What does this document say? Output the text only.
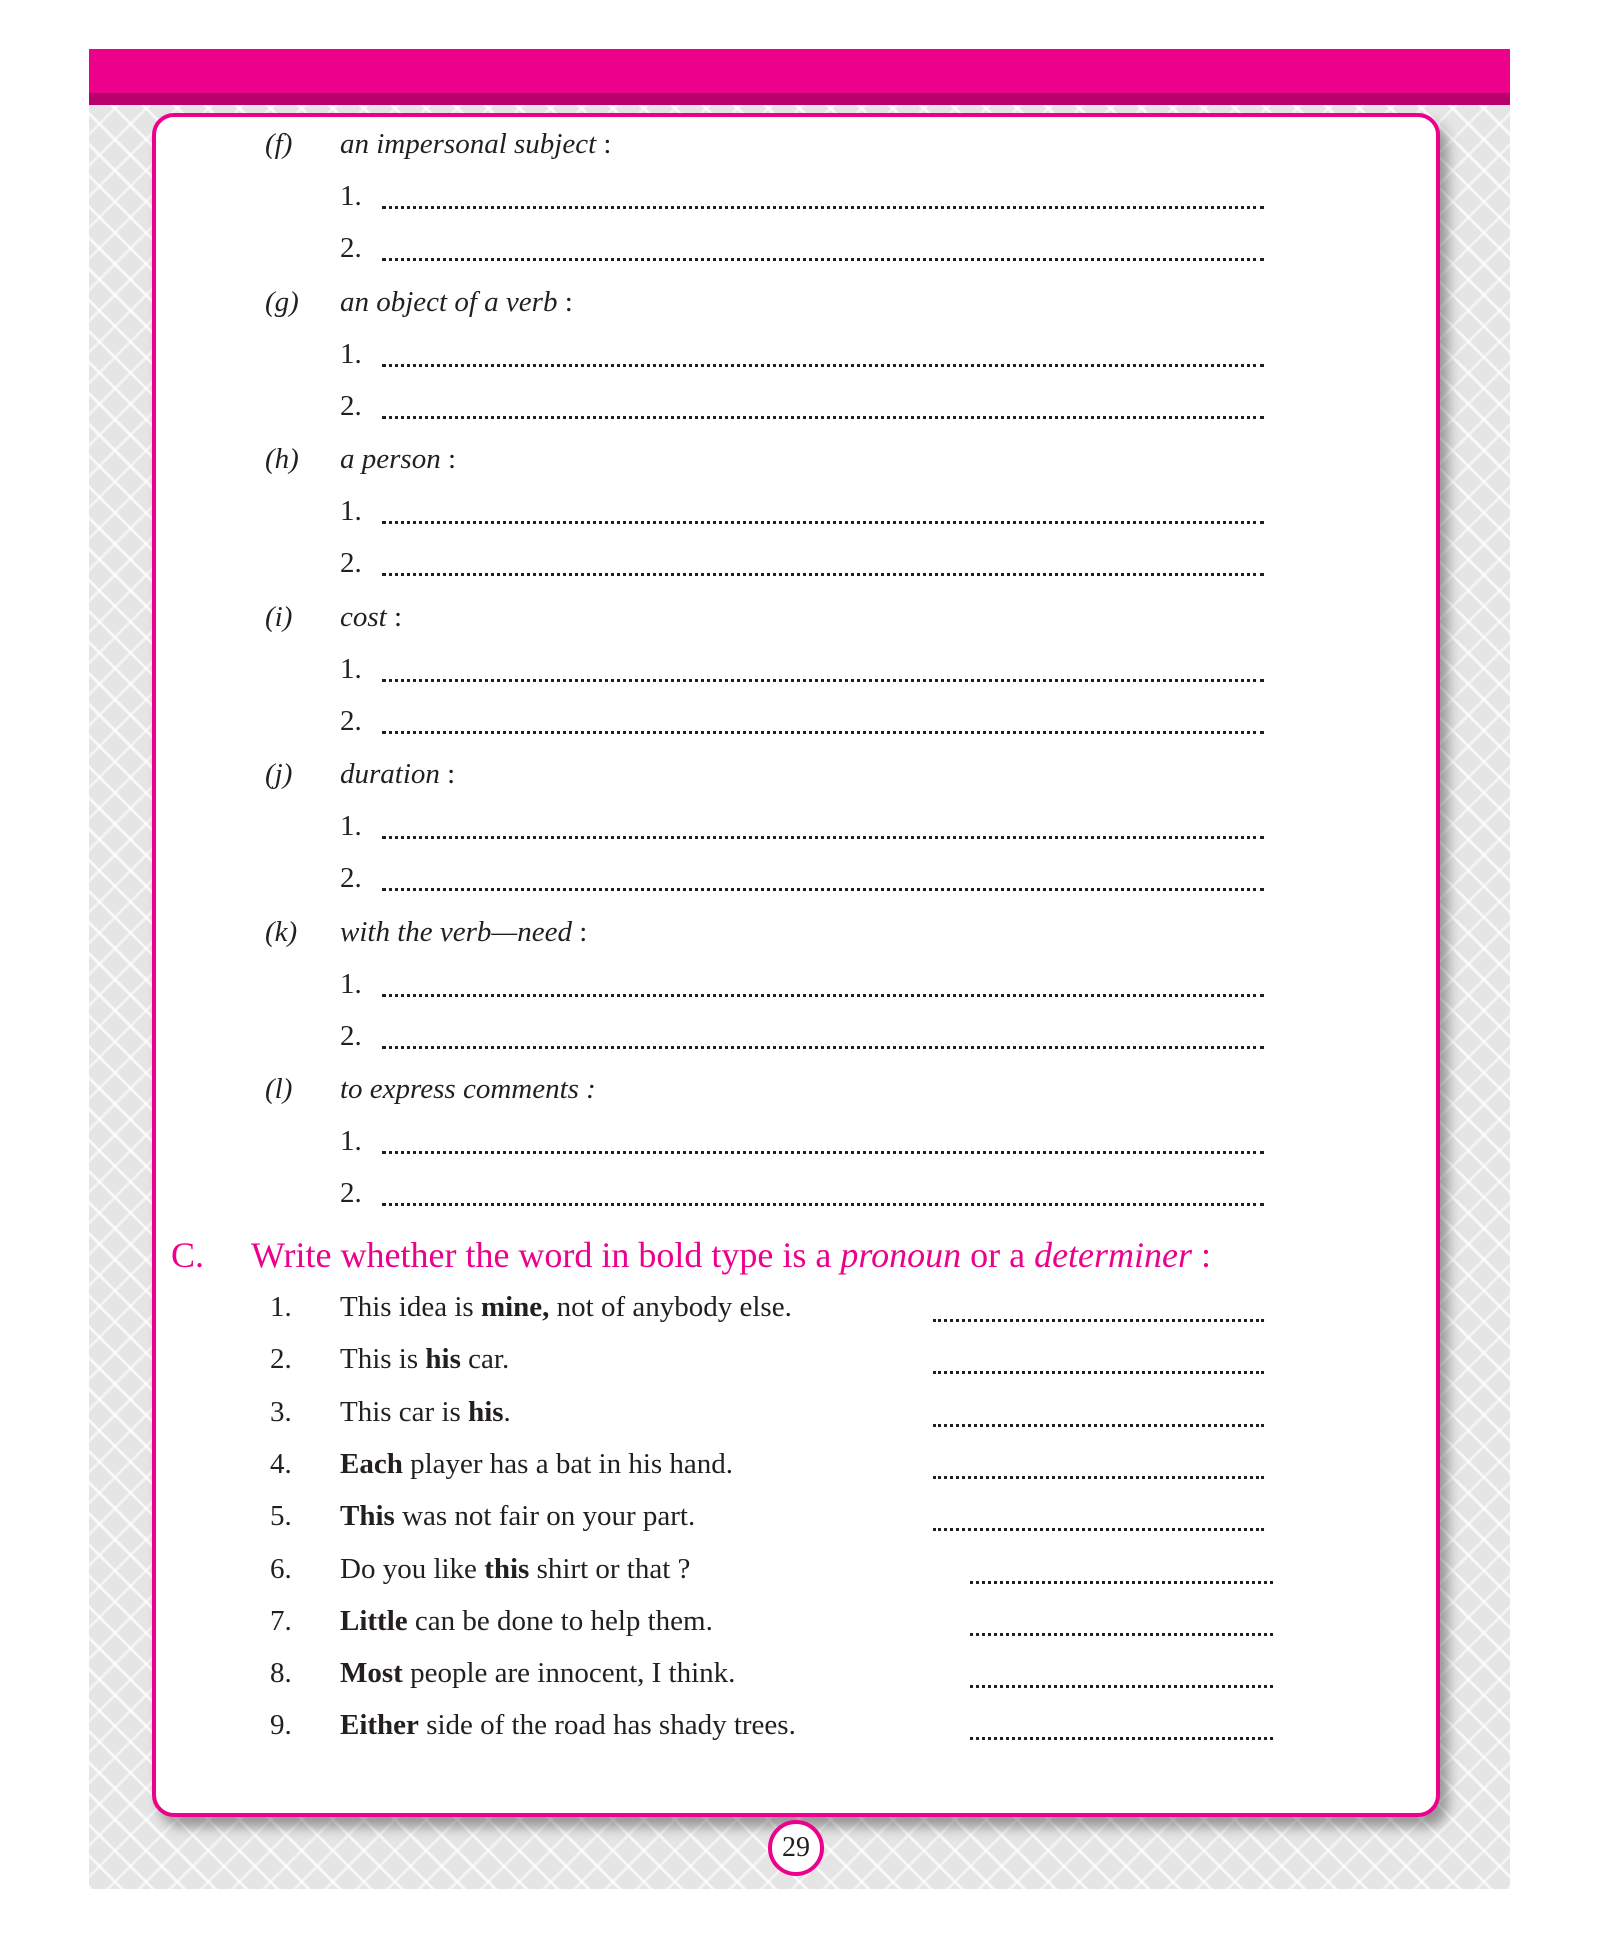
29
(f) an impersonal subject :
1.
2.
(g) an object of a verb :
1.
2.
(h) a person :
1.
2.
(i) cost :
1.
2.
(j) duration :
1.
2.
(k) with the verb—need :
1.
2.
(l) to express comments :
1.
2.
C. Write whether the word in bold type is a pronoun or a determiner :
1. This idea is mine, not of anybody else.
2. This is his car.
3. This car is his.
4. Each player has a bat in his hand.
5. This was not fair on your part.
6. Do you like this shirt or that ?
7. Little can be done to help them.
8. Most people are innocent, I think.
9. Either side of the road has shady trees.
